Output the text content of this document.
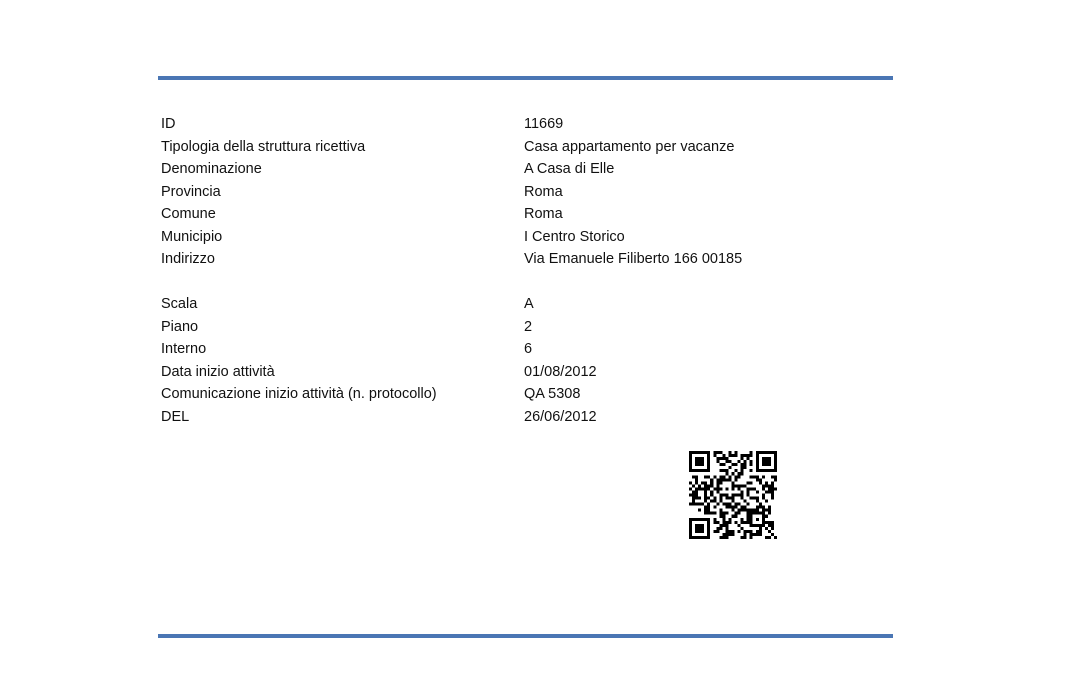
ID	11669
Tipologia della struttura ricettiva	Casa appartamento per vacanze
Denominazione	A Casa di Elle
Provincia	Roma
Comune	Roma
Municipio	I Centro Storico
Indirizzo	Via Emanuele Filiberto 166 00185
Scala	A
Piano	2
Interno	6
Data inizio attività	01/08/2012
Comunicazione inizio attività (n. protocollo)	QA 5308
DEL	26/06/2012
